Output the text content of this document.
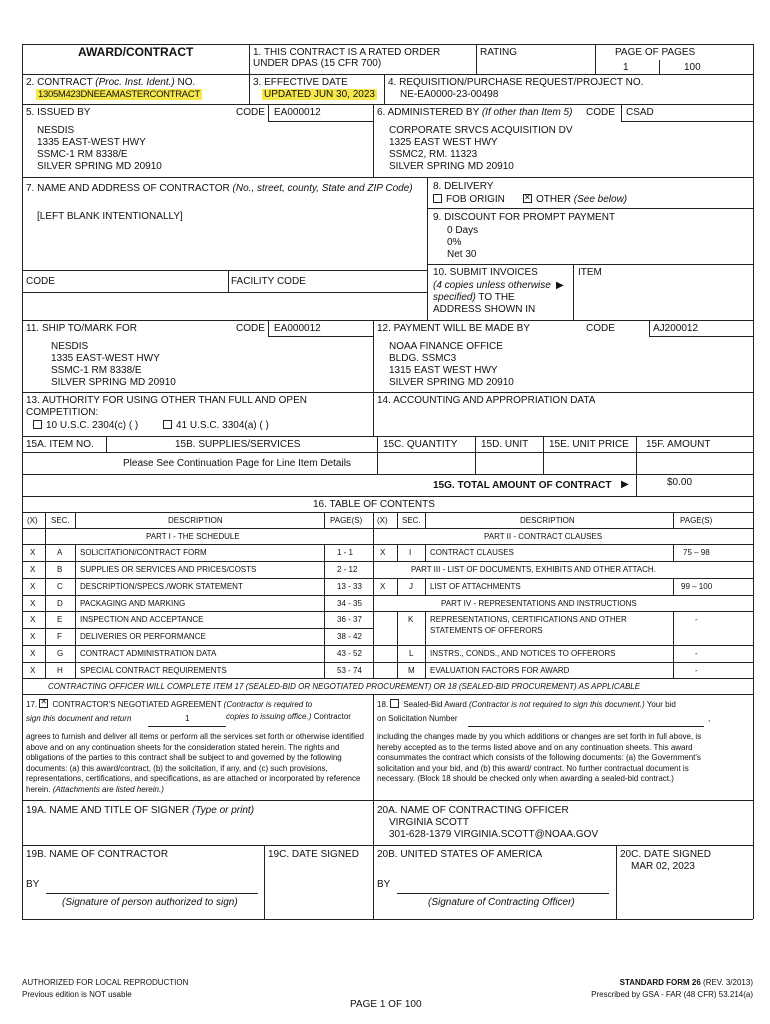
AWARD/CONTRACT	1. THIS CONTRACT IS A RATED ORDER
UNDER DPAS (15 CFR 700)
RATING	PAGE OF PAGES
1	100
2. CONTRACT (Proc. Inst. Ident.) NO.
1305M423DNEEAMASTERCONTRACT
3. EFFECTIVE DATE
UPDATED JUN 30, 2023
4. REQUISITION/PURCHASE REQUEST/PROJECT NO.
NE-EA0000-23-00498
5. ISSUED BY	CODE EA000012
NESDIS
1335 EAST-WEST HWY
SSMC-1 RM 8338/E
SILVER SPRING MD 20910
6. ADMINISTERED BY (If other than Item 5) CODE CSAD
CORPORATE SRVCS ACQUISITION DV
1325 EAST WEST HWY
SSMC2, RM. 11323
SILVER SPRING MD 20910
7. NAME AND ADDRESS OF CONTRACTOR (No., street, county, State and ZIP Code)
[LEFT BLANK INTENTIONALLY]
CODE	FACILITY CODE
8. DELIVERY
FOB ORIGIN
✕	OTHER (See below)
9. DISCOUNT FOR PROMPT PAYMENT
0 Days
0%
Net 30
10. SUBMIT INVOICES
(4 copies unless otherwise ▶
specified) TO THE
ADDRESS SHOWN IN
ITEM
11. SHIP TO/MARK FOR	CODE EA000012
NESDIS
1335 EAST-WEST HWY
SSMC-1 RM 8338/E
SILVER SPRING MD 20910
12. PAYMENT WILL BE MADE BY	CODE	AJ200012
NOAA FINANCE OFFICE
BLDG. SSMC3
1315 EAST WEST HWY
SILVER SPRING MD 20910
13. AUTHORITY FOR USING OTHER THAN FULL AND OPEN
COMPETITION:
10 U.S.C. 2304(c) ( )	41 U.S.C. 3304(a) ( )
14. ACCOUNTING AND APPROPRIATION DATA
15A. ITEM NO.	15B. SUPPLIES/SERVICES	15C. QUANTITY 15D. UNIT 15E. UNIT PRICE 15F. AMOUNT
Please See Continuation Page for Line Item Details
15G. TOTAL AMOUNT OF CONTRACT ▶	$0.00
16. TABLE OF CONTENTS
(X) SEC.	DESCRIPTION	PAGE(S) (X) SEC.	DESCRIPTION	PAGE(S)
PART I - THE SCHEDULE	PART II - CONTRACT CLAUSES
X	A SOLICITATION/CONTRACT FORM	1 - 1
X	B SUPPLIES OR SERVICES AND PRICES/COSTS	2 - 12
X	C DESCRIPTION/SPECS./WORK STATEMENT	13 - 33
X	D PACKAGING AND MARKING	34 - 35
X	E INSPECTION AND ACCEPTANCE	36 - 37
X	F DELIVERIES OR PERFORMANCE	38 - 42
X	G CONTRACT ADMINISTRATION DATA	43 - 52
X	H SPECIAL CONTRACT REQUIREMENTS	53 - 74
X	I CONTRACT CLAUSES	75 – 98
PART III - LIST OF DOCUMENTS, EXHIBITS AND OTHER ATTACH.
X	J LIST OF ATTACHMENTS	99 – 100
PART IV - REPRESENTATIONS AND INSTRUCTIONS
K REPRESENTATIONS, CERTIFICATIONS AND OTHER
STATEMENTS OF OFFERORS
-
L INSTRS., CONDS., AND NOTICES TO OFFERORS	-
M EVALUATION FACTORS FOR AWARD	-
CONTRACTING OFFICER WILL COMPLETE ITEM 17 (SEALED-BID OR NEGOTIATED PROCUREMENT) OR 18 (SEALED-BID PROCUREMENT) AS APPLICABLE
17. ✕CONTRACTOR'S NEGOTIATED AGREEMENT (Contractor is required to
sign this document and return	1	copies to issuing office.) Contractor
agrees to furnish and deliver all items or perform all the services set forth or otherwise identified above and on any continuation sheets for the consideration stated herein. The rights and obligations of the parties to this contract shall be subject to and governed by the following documents: (a) this award/contract, (b) the solicitation, if any, and (c) such provisions, representations, certifications, and specifications, as are attached or incorporated by reference herein. (Attachments are listed herein.)
18. Sealed-Bid Award (Contractor is not required to sign this document.) Your bid
on Solicitation Number	,
including the changes made by you which additions or changes are set forth in full above, is hereby accepted as to the terms listed above and on any continuation sheets. This award consummates the contract which consists of the following documents: (a) the Government's solicitation and your bid, and (b) this award/ contract. No further contractual document is necessary. (Block 18 should be checked only when awarding a sealed-bid contract.)
19A. NAME AND TITLE OF SIGNER (Type or print)	20A. NAME OF CONTRACTING OFFICER
VIRGINIA SCOTT
301-628-1379 VIRGINIA.SCOTT@NOAA.GOV
19B. NAME OF CONTRACTOR
BY
(Signature of person authorized to sign)
19C. DATE SIGNED 20B. UNITED STATES OF AMERICA
BY
(Signature of Contracting Officer)
20C. DATE SIGNED
MAR 02, 2023
AUTHORIZED FOR LOCAL REPRODUCTION
Previous edition is NOT usable
STANDARD FORM 26 (REV. 3/2013)
Prescribed by GSA - FAR (48 CFR) 53.214(a)
PAGE 1 OF 100
